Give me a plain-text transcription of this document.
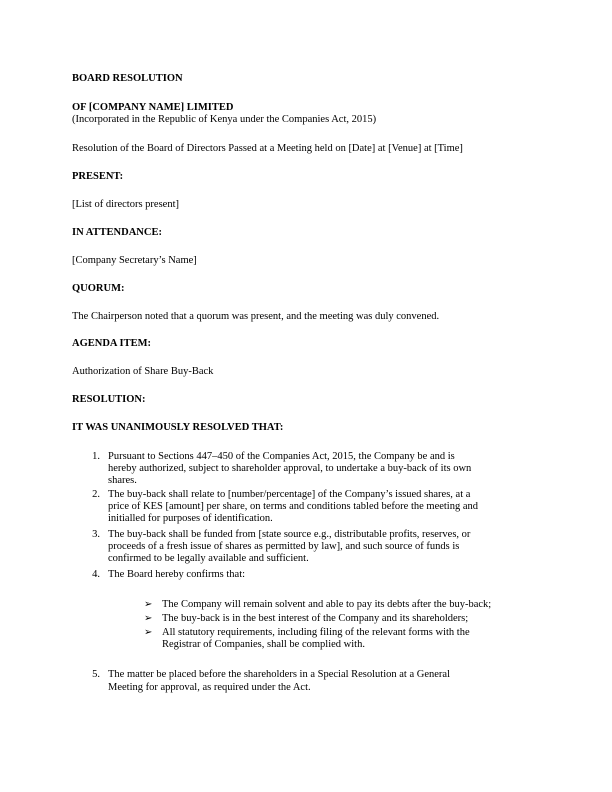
BOARD RESOLUTION
OF [COMPANY NAME] LIMITED
(Incorporated in the Republic of Kenya under the Companies Act, 2015)
Resolution of the Board of Directors Passed at a Meeting held on [Date] at [Venue] at [Time]
PRESENT:
[List of directors present]
IN ATTENDANCE:
[Company Secretary’s Name]
QUORUM:
The Chairperson noted that a quorum was present, and the meeting was duly convened.
AGENDA ITEM:
Authorization of Share Buy-Back
RESOLUTION:
IT WAS UNANIMOUSLY RESOLVED THAT:
1. Pursuant to Sections 447–450 of the Companies Act, 2015, the Company be and is
hereby authorized, subject to shareholder approval, to undertake a buy-back of its own
shares.
2. The buy-back shall relate to [number/percentage] of the Company’s issued shares, at a
price of KES [amount] per share, on terms and conditions tabled before the meeting and
initialled for purposes of identification.
3. The buy-back shall be funded from [state source e.g., distributable profits, reserves, or
proceeds of a fresh issue of shares as permitted by law], and such source of funds is
confirmed to be legally available and sufficient.
4. The Board hereby confirms that:
➢ The Company will remain solvent and able to pay its debts after the buy-back;
➢ The buy-back is in the best interest of the Company and its shareholders;
➢ All statutory requirements, including filing of the relevant forms with the
Registrar of Companies, shall be complied with.
5. The matter be placed before the shareholders in a Special Resolution at a General
Meeting for approval, as required under the Act.
